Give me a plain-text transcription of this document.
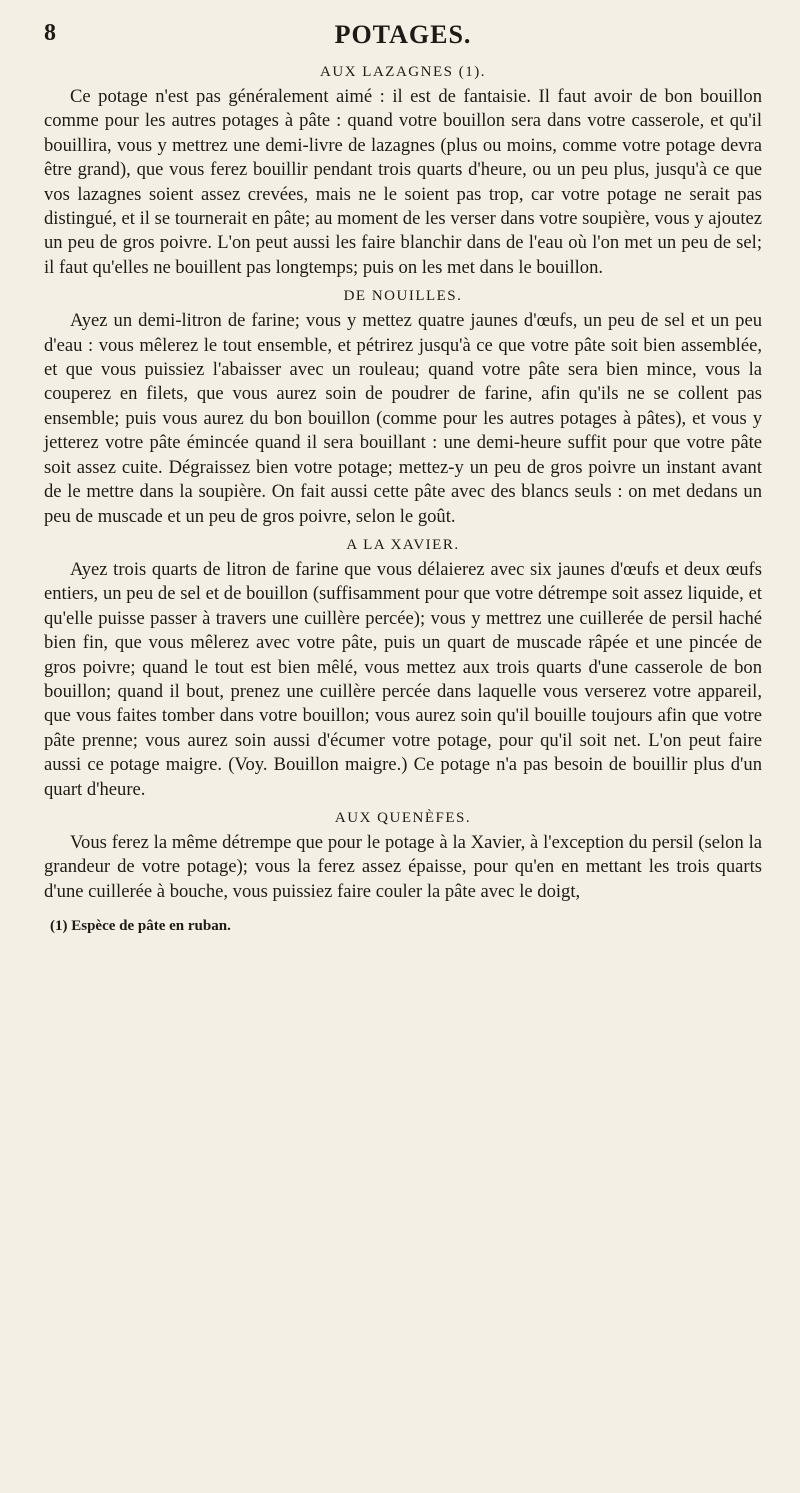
8	POTAGES.
AUX LAZAGNES (1).

Ce potage n'est pas généralement aimé : il est de fantaisie. Il faut avoir de bon bouillon comme pour les autres potages à pâte : quand votre bouillon sera dans votre casserole, et qu'il bouillira, vous y mettrez une demi-livre de lazagnes (plus ou moins, comme votre potage devra être grand), que vous ferez bouillir pendant trois quarts d'heure, ou un peu plus, jusqu'à ce que vos lazagnes soient assez crevées, mais ne le soient pas trop, car votre potage ne serait pas distingué, et il se tournerait en pâte; au moment de les verser dans votre soupière, vous y ajoutez un peu de gros poivre. L'on peut aussi les faire blanchir dans de l'eau où l'on met un peu de sel; il faut qu'elles ne bouillent pas longtemps; puis on les met dans le bouillon.

DE NOUILLES.

Ayez un demi-litron de farine; vous y mettez quatre jaunes d'œufs, un peu de sel et un peu d'eau : vous mêlerez le tout ensemble, et pétrirez jusqu'à ce que votre pâte soit bien assemblée, et que vous puissiez l'abaisser avec un rouleau; quand votre pâte sera bien mince, vous la couperez en filets, que vous aurez soin de poudrer de farine, afin qu'ils ne se collent pas ensemble; puis vous aurez du bon bouillon (comme pour les autres potages à pâtes), et vous y jetterez votre pâte émincée quand il sera bouillant : une demi-heure suffit pour que votre pâte soit assez cuite. Dégraissez bien votre potage; mettez-y un peu de gros poivre un instant avant de le mettre dans la soupière. On fait aussi cette pâte avec des blancs seuls : on met dedans un peu de muscade et un peu de gros poivre, selon le goût.

A LA XAVIER.

Ayez trois quarts de litron de farine que vous délaierez avec six jaunes d'œufs et deux œufs entiers, un peu de sel et de bouillon (suffisamment pour que votre détrempe soit assez liquide, et qu'elle puisse passer à travers une cuillère percée); vous y mettrez une cuillerée de persil haché bien fin, que vous mêlerez avec votre pâte, puis un quart de muscade râpée et une pincée de gros poivre; quand le tout est bien mêlé, vous mettez aux trois quarts d'une casserole de bon bouillon; quand il bout, prenez une cuillère percée dans laquelle vous verserez votre appareil, que vous faites tomber dans votre bouillon; vous aurez soin qu'il bouille toujours afin que votre pâte prenne; vous aurez soin aussi d'écumer votre potage, pour qu'il soit net. L'on peut faire aussi ce potage maigre. (Voy. Bouillon maigre.) Ce potage n'a pas besoin de bouillir plus d'un quart d'heure.

AUX QUENÈFES.

Vous ferez la même détrempe que pour le potage à la Xavier, à l'exception du persil (selon la grandeur de votre potage); vous la ferez assez épaisse, pour qu'en en mettant les trois quarts d'une cuillerée à bouche, vous puissiez faire couler la pâte avec le doigt,

(1) Espèce de pâte en ruban.
